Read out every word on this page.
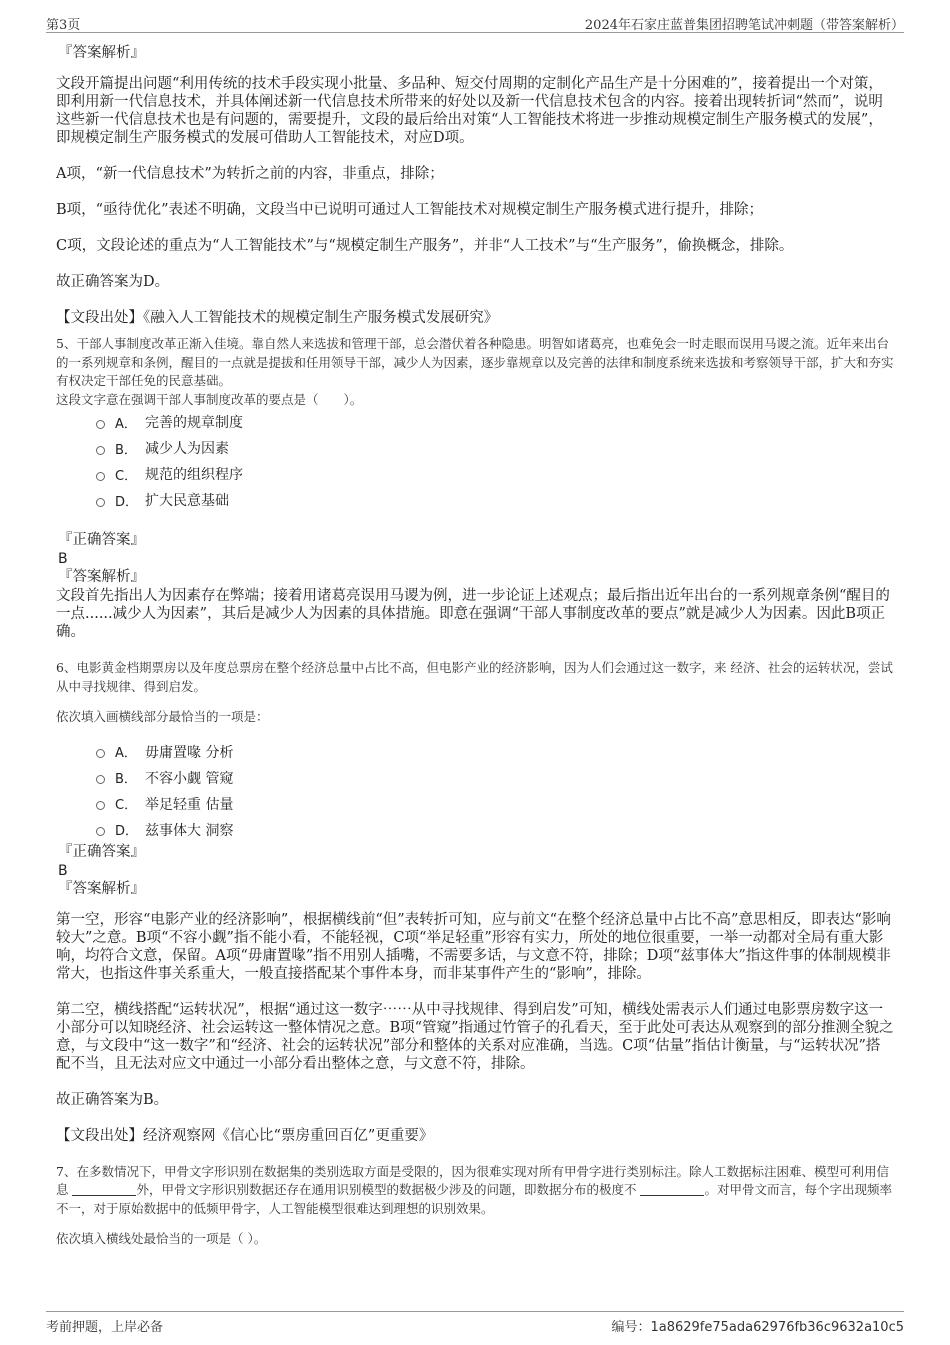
第3页	2024年石家庄蓝普集团招聘笔试冲刺题（带答案解析）
『答案解析』

文段开篇提出问题“利用传统的技术手段实现小批量、多品种、短交付周期的定制化产品生产是十分困难的”，接着提出一个对策，即利用新一代信息技术，并具体阐述新一代信息技术所带来的好处以及新一代信息技术包含的内容。接着出现转折词“然而”，说明这些新一代信息技术也是有问题的，需要提升，文段的最后给出对策“人工智能技术将进一步推动规模定制生产服务模式的发展”，即规模定制生产服务模式的发展可借助人工智能技术，对应D项。

A项，“新一代信息技术”为转折之前的内容，非重点，排除；

B项，“亟待优化”表述不明确，文段当中已说明可通过人工智能技术对规模定制生产服务模式进行提升，排除；

C项，文段论述的重点为“人工智能技术”与“规模定制生产服务”，并非“人工技术”与“生产服务”，偷换概念，排除。

故正确答案为D。

【文段出处】《融入人工智能技术的规模定制生产服务模式发展研究》

5、干部人事制度改革正渐入佳境。靠自然人来选拔和管理干部，总会潜伏着各种隐患。明智如诸葛亮，也难免会一时走眼而误用马谡之流。近年来出台的一系列规章和条例，醒目的一点就是提拔和任用领导干部，减少人为因素，逐步靠规章以及完善的法律和制度系统来选拔和考察领导干部，扩大和夯实有权决定干部任免的民意基础。

这段文字意在强调干部人事制度改革的要点是（　　）。

A． 完善的规章制度
B． 减少人为因素
C． 规范的组织程序
D． 扩大民意基础
『正确答案』
B
『答案解析』

文段首先指出人为因素存在弊端；接着用诸葛亮误用马谡为例，进一步论证上述观点；最后指出近年出台的一系列规章条例“醒目的一点......减少人为因素”，其后是减少人为因素的具体措施。即意在强调“干部人事制度改革的要点”就是减少人为因素。因此B项正确。

6、电影黄金档期票房以及年度总票房在整个经济总量中占比不高，但电影产业的经济影响，因为人们会通过这一数字，来 经济、社会的运转状况，尝试从中寻找规律、得到启发。

依次填入画横线部分最恰当的一项是：

A． 毋庸置喙 分析
B． 不容小觑 管窥
C． 举足轻重 估量
D． 兹事体大 洞察
『正确答案』
B
『答案解析』

第一空，形容“电影产业的经济影响”，根据横线前“但”表转折可知，应与前文“在整个经济总量中占比不高”意思相反，即表达“影响较大”之意。B项“不容小觑”指不能小看，不能轻视，C项“举足轻重”形容有实力，所处的地位很重要，一举一动都对全局有重大影响，均符合文意，保留。A项“毋庸置喙”指不用别人插嘴，不需要多话，与文意不符，排除；D项“兹事体大”指这件事的体制规模非常大，也指这件事关系重大，一般直接搭配某个事件本身，而非某事件产生的“影响”，排除。

第二空，横线搭配“运转状况”，根据“通过这一数字⋯⋯从中寻找规律、得到启发”可知，横线处需表示人们通过电影票房数字这一小部分可以知晓经济、社会运转这一整体情况之意。B项“管窥”指通过竹管子的孔看天，至于此处可表达从观察到的部分推测全貌之意，与文段中“这一数字”和“经济、社会的运转状况”部分和整体的关系对应准确，当选。C项“估量”指估计衡量，与“运转状况”搭配不当，且无法对应文中通过一小部分看出整体之意，与文意不符，排除。

故正确答案为B。

【文段出处】经济观察网《信心比“票房重回百亿”更重要》

7、在多数情况下，甲骨文字形识别在数据集的类别选取方面是受限的，因为很难实现对所有甲骨字进行类别标注。除人工数据标注困难、模型可利用信息	外，甲骨文字形识别数据还存在通用识别模型的数据极少涉及的问题，即数据分布的极度不	。对甲骨文而言，每个字出现频率不一，对于原始数据中的低频甲骨字，人工智能模型很难达到理想的识别效果。

依次填入横线处最恰当的一项是（ ）。

考前押题，上岸必备	编号：1a8629fe75ada62976fb36c9632a10c5
